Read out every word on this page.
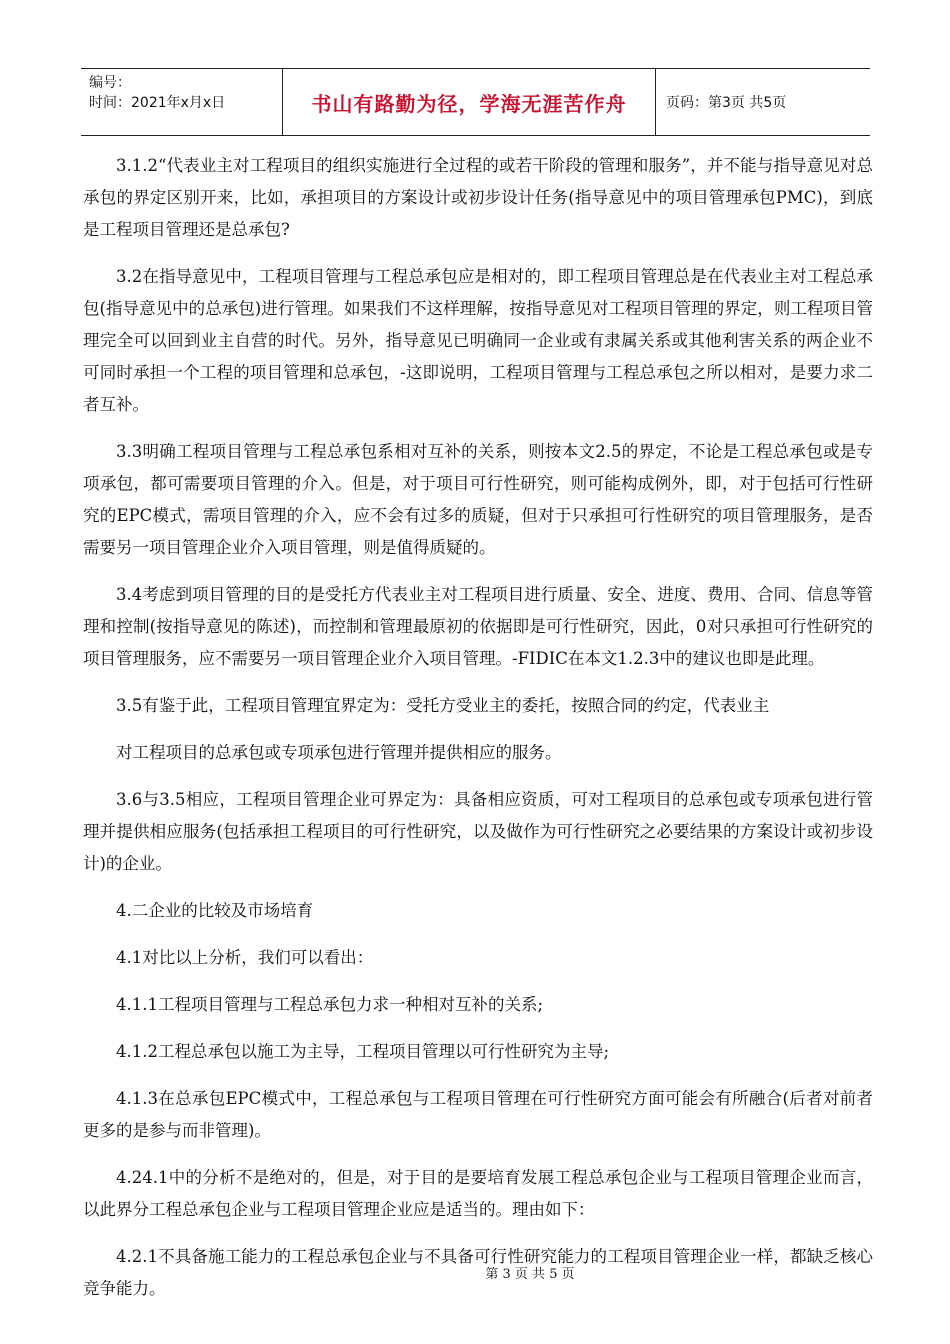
编号：
时间：2021年x月x日	书山有路勤为径，学海无涯苦作舟	页码：第3页 共5页

3.1.2“代表业主对工程项目的组织实施进行全过程的或若干阶段的管理和服务”，并不能与指导意见对总承包的界定区别开来，比如，承担项目的方案设计或初步设计任务(指导意见中的项目管理承包PMC)，到底是工程项目管理还是总承包?

3.2在指导意见中，工程项目管理与工程总承包应是相对的，即工程项目管理总是在代表业主对工程总承包(指导意见中的总承包)进行管理。如果我们不这样理解，按指导意见对工程项目管理的界定，则工程项目管理完全可以回到业主自营的时代。另外，指导意见已明确同一企业或有隶属关系或其他利害关系的两企业不可同时承担一个工程的项目管理和总承包，-这即说明，工程项目管理与工程总承包之所以相对，是要力求二者互补。

3.3明确工程项目管理与工程总承包系相对互补的关系，则按本文2.5的界定，不论是工程总承包或是专项承包，都可需要项目管理的介入。但是，对于项目可行性研究，则可能构成例外，即，对于包括可行性研究的EPC模式，需项目管理的介入，应不会有过多的质疑，但对于只承担可行性研究的项目管理服务，是否需要另一项目管理企业介入项目管理，则是值得质疑的。

3.4考虑到项目管理的目的是受托方代表业主对工程项目进行质量、安全、进度、费用、合同、信息等管理和控制(按指导意见的陈述)，而控制和管理最原初的依据即是可行性研究，因此，0对只承担可行性研究的项目管理服务，应不需要另一项目管理企业介入项目管理。-FIDIC在本文1.2.3中的建议也即是此理。

3.5有鉴于此，工程项目管理宜界定为：受托方受业主的委托，按照合同的约定，代表业主

对工程项目的总承包或专项承包进行管理并提供相应的服务。

3.6与3.5相应，工程项目管理企业可界定为：具备相应资质，可对工程项目的总承包或专项承包进行管理并提供相应服务(包括承担工程项目的可行性研究，以及做作为可行性研究之必要结果的方案设计或初步设计)的企业。

4.二企业的比较及市场培育

4.1对比以上分析，我们可以看出：

4.1.1工程项目管理与工程总承包力求一种相对互补的关系;

4.1.2工程总承包以施工为主导，工程项目管理以可行性研究为主导;

4.1.3在总承包EPC模式中，工程总承包与工程项目管理在可行性研究方面可能会有所融合(后者对前者更多的是参与而非管理)。

4.24.1中的分析不是绝对的，但是，对于目的是要培育发展工程总承包企业与工程项目管理企业而言，以此界分工程总承包企业与工程项目管理企业应是适当的。理由如下：

4.2.1不具备施工能力的工程总承包企业与不具备可行性研究能力的工程项目管理企业一样，都缺乏核心竞争能力。

第 3 页 共 5 页
